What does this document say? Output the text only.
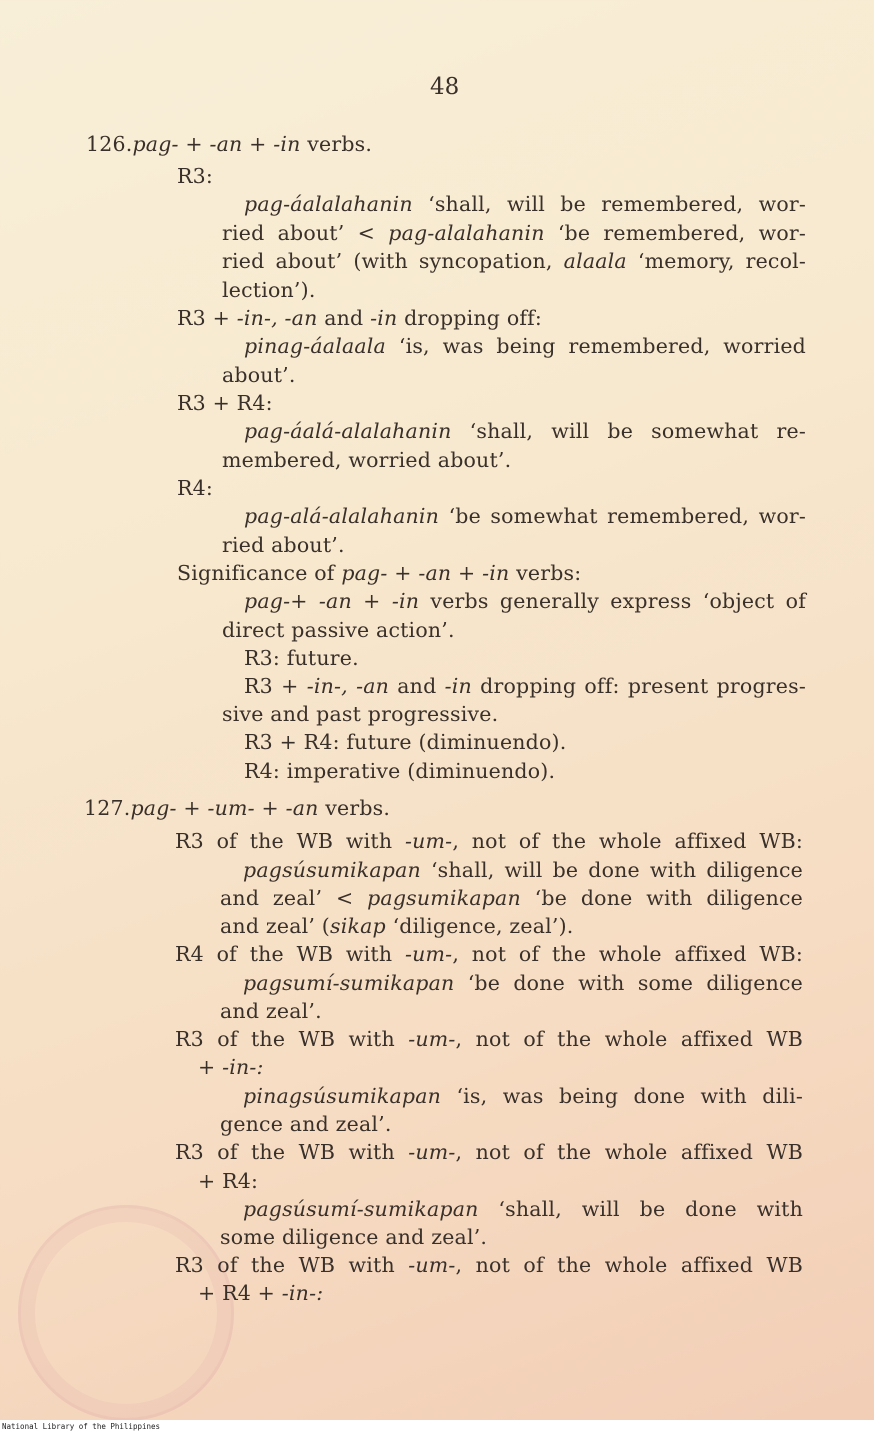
48
126.pag- + -an + -in verbs.
R3:
pag-áalalahanin ‘shall, will be remembered, wor-
ried about’ < pag-alalahanin ‘be remembered, wor-
ried about’ (with syncopation, alaala ‘memory, recol-
lection’).
R3 + -in-, -an and -in dropping off:
pinag-áalaala ‘is, was being remembered, worried
about’.
R3 + R4:
pag-áalá-alalahanin ‘shall, will be somewhat re-
membered, worried about’.
R4:
pag-alá-alalahanin ‘be somewhat remembered, wor-
ried about’.
Significance of pag- + -an + -in verbs:
pag-+ -an + -in verbs generally express ‘object of
direct passive action’.
R3: future.
R3 + -in-, -an and -in dropping off: present progres-
sive and past progressive.
R3 + R4: future (diminuendo).
R4: imperative (diminuendo).
127.pag- + -um- + -an verbs.
R3 of the WB with -um-, not of the whole affixed WB:
pagsúsumikapan ‘shall, will be done with diligence
and zeal’ < pagsumikapan ‘be done with diligence
and zeal’ (sikap ‘diligence, zeal’).
R4 of the WB with -um-, not of the whole affixed WB:
pagsumí-sumikapan ‘be done with some diligence
and zeal’.
R3 of the WB with -um-, not of the whole affixed WB
+ -in-:
pinagsúsumikapan ‘is, was being done with dili-
gence and zeal’.
R3 of the WB with -um-, not of the whole affixed WB
+ R4:
pagsúsumí-sumikapan ‘shall, will be done with
some diligence and zeal’.
R3 of the WB with -um-, not of the whole affixed WB
+ R4 + -in-:
National Library of the Philippines
